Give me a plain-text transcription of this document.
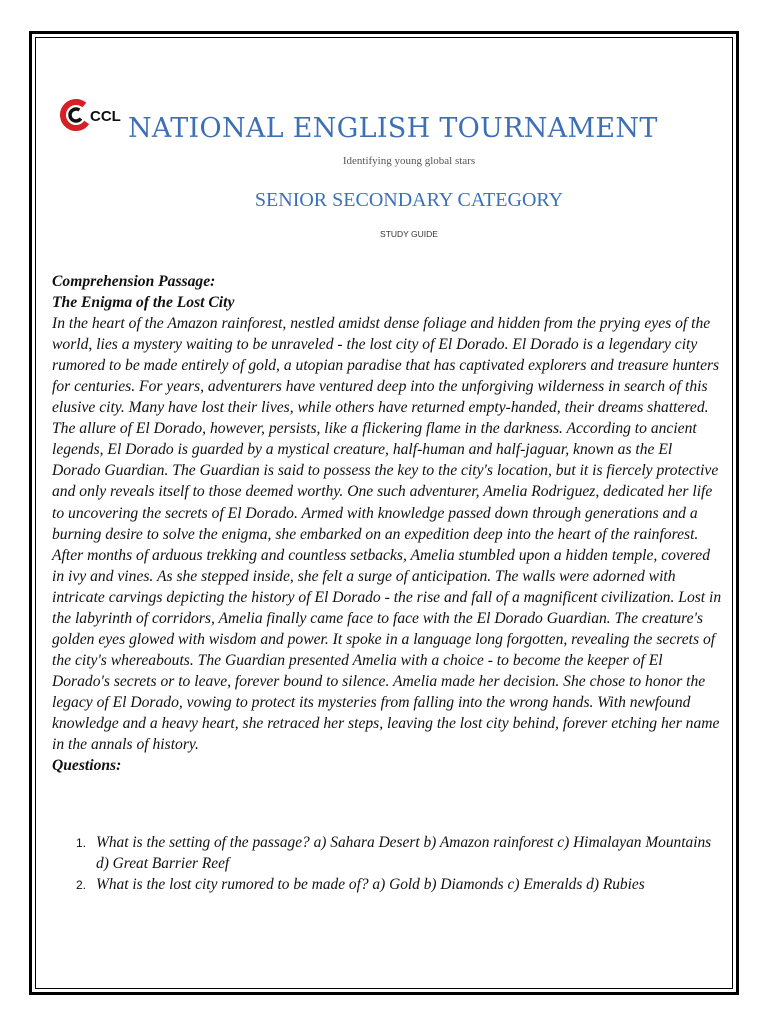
CCL NATIONAL ENGLISH TOURNAMENT
Identifying young global stars
SENIOR SECONDARY CATEGORY
STUDY GUIDE
Comprehension Passage:
The Enigma of the Lost City
In the heart of the Amazon rainforest, nestled amidst dense foliage and hidden from the prying eyes of the world, lies a mystery waiting to be unraveled - the lost city of El Dorado. El Dorado is a legendary city rumored to be made entirely of gold, a utopian paradise that has captivated explorers and treasure hunters for centuries. For years, adventurers have ventured deep into the unforgiving wilderness in search of this elusive city. Many have lost their lives, while others have returned empty-handed, their dreams shattered. The allure of El Dorado, however, persists, like a flickering flame in the darkness. According to ancient legends, El Dorado is guarded by a mystical creature, half-human and half-jaguar, known as the El Dorado Guardian. The Guardian is said to possess the key to the city's location, but it is fiercely protective and only reveals itself to those deemed worthy. One such adventurer, Amelia Rodriguez, dedicated her life to uncovering the secrets of El Dorado. Armed with knowledge passed down through generations and a burning desire to solve the enigma, she embarked on an expedition deep into the heart of the rainforest. After months of arduous trekking and countless setbacks, Amelia stumbled upon a hidden temple, covered in ivy and vines. As she stepped inside, she felt a surge of anticipation. The walls were adorned with intricate carvings depicting the history of El Dorado - the rise and fall of a magnificent civilization. Lost in the labyrinth of corridors, Amelia finally came face to face with the El Dorado Guardian. The creature's golden eyes glowed with wisdom and power. It spoke in a language long forgotten, revealing the secrets of the city's whereabouts. The Guardian presented Amelia with a choice - to become the keeper of El Dorado's secrets or to leave, forever bound to silence. Amelia made her decision. She chose to honor the legacy of El Dorado, vowing to protect its mysteries from falling into the wrong hands. With newfound knowledge and a heavy heart, she retraced her steps, leaving the lost city behind, forever etching her name in the annals of history.
Questions:
1. What is the setting of the passage? a) Sahara Desert b) Amazon rainforest c) Himalayan Mountains d) Great Barrier Reef
2. What is the lost city rumored to be made of? a) Gold b) Diamonds c) Emeralds d) Rubies
